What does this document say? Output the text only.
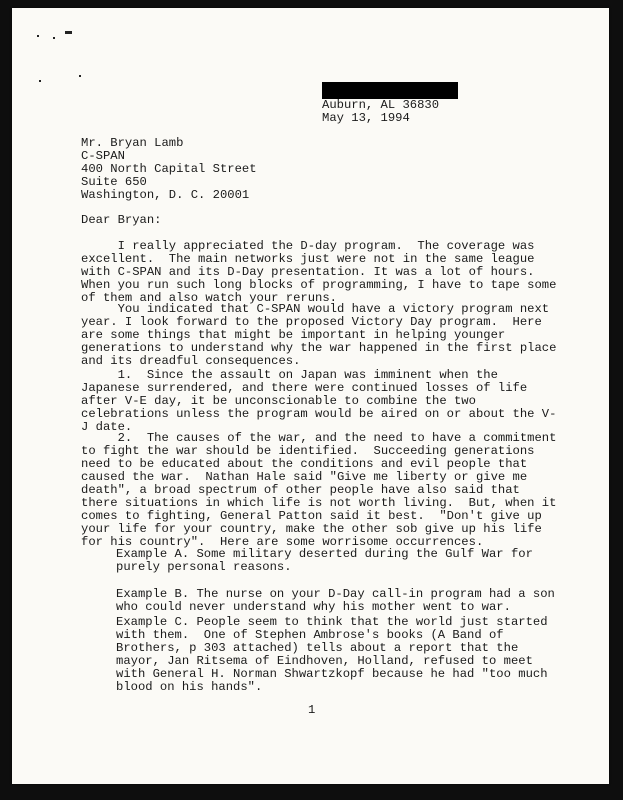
Auburn, AL 36830

May 13, 1994

Mr. Bryan Lamb

C-SPAN

400 North Capital Street

Suite 650

Washington, D. C. 20001

Dear Bryan:

I really appreciated the D-day program.  The coverage was
excellent.  The main networks just were not in the same league
with C-SPAN and its D-Day presentation. It was a lot of hours.
When you run such long blocks of programming, I have to tape some
of them and also watch your reruns.
You indicated that C-SPAN would have a victory program next
year. I look forward to the proposed Victory Day program.  Here
are some things that might be important in helping younger
generations to understand why the war happened in the first place
and its dreadful consequences.
1.  Since the assault on Japan was imminent when the
Japanese surrendered, and there were continued losses of life
after V-E day, it be unconscionable to combine the two
celebrations unless the program would be aired on or about the V-
J date.
2.  The causes of the war, and the need to have a commitment
to fight the war should be identified.  Succeeding generations
need to be educated about the conditions and evil people that
caused the war.  Nathan Hale said "Give me liberty or give me
death", a broad spectrum of other people have also said that
there situations in which life is not worth living.  But, when it
comes to fighting, General Patton said it best.  "Don't give up
your life for your country, make the other sob give up his life
for his country".  Here are some worrisome occurrences.
Example A. Some military deserted during the Gulf War for
purely personal reasons.
Example B. The nurse on your D-Day call-in program had a son
who could never understand why his mother went to war.
Example C. People seem to think that the world just started
with them.  One of Stephen Ambrose's books (A Band of
Brothers, p 303 attached) tells about a report that the
mayor, Jan Ritsema of Eindhoven, Holland, refused to meet
with General H. Norman Shwartzkopf because he had "too much
blood on his hands".

1
